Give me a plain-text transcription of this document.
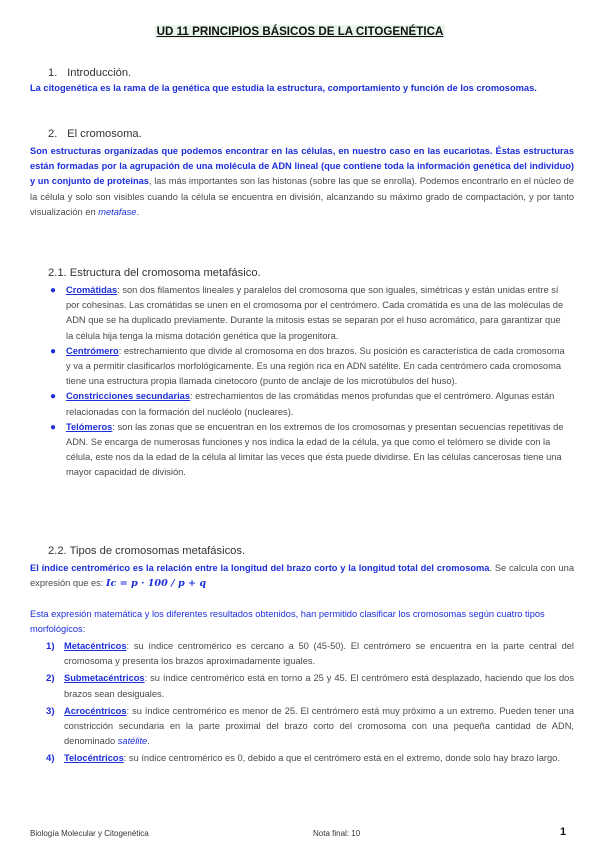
UD 11 PRINCIPIOS BÁSICOS DE LA CITOGENÉTICA
1. Introducción.
La citogenética es la rama de la genética que estudia la estructura, comportamiento y función de los cromosomas.
2. El cromosoma.
Son estructuras organizadas que podemos encontrar en las células, en nuestro caso en las eucariotas. Éstas estructuras están formadas por la agrupación de una molécula de ADN lineal (que contiene toda la información genética del individuo) y un conjunto de proteínas, las más importantes son las histonas (sobre las que se enrolla). Podemos encontrarlo en el núcleo de la célula y solo son visibles cuando la célula se encuentra en división, alcanzando su máximo grado de compactación, y por tanto visualización en metafase.
2.1. Estructura del cromosoma metafásico.
● Cromátidas: son dos filamentos lineales y paralelos del cromosoma que son iguales, simétricas y están unidas entre sí por cohesinas. Las cromátidas se unen en el cromosoma por el centrómero. Cada cromátida es una de las moléculas de ADN que se ha duplicado previamente. Durante la mitosis estas se separan por el huso acromático, para garantizar que la célula hija tenga la misma dotación genética que la progenitora.
● Centrómero: estrechamiento que divide al cromosoma en dos brazos. Su posición es característica de cada cromosoma y va a permitir clasificarlos morfológicamente. Es una región rica en ADN satélite. En cada centrómero cada cromosoma tiene una estructura propia llamada cinetocoro (punto de anclaje de los microtúbulos del huso).
● Constricciones secundarias: estrechamientos de las cromátidas menos profundas que el centrómero. Algunas están relacionadas con la formación del nucléolo (nucleares).
● Telómeros: son las zonas que se encuentran en los extremos de los cromosomas y presentan secuencias repetitivas de ADN. Se encarga de numerosas funciones y nos indica la edad de la célula, ya que como el telómero se divide con la célula, este nos da la edad de la célula al limitar las veces que ésta puede dividirse. En las células cancerosas tiene una mayor capacidad de división.
2.2. Tipos de cromosomas metafásicos.
El índice centromérico es la relación entre la longitud del brazo corto y la longitud total del cromosoma. Se calcula con una expresión que es: Ic = p · 100 / p + q
Esta expresión matemática y los diferentes resultados obtenidos, han permitido clasificar los cromosomas según cuatro tipos morfológicos:
1) Metacéntricos: su índice centromérico es cercano a 50 (45-50). El centrómero se encuentra en la parte central del cromosoma y presenta los brazos aproximadamente iguales.
2) Submetacéntricos: su índice centromérico está en torno a 25 y 45. El centrómero está desplazado, haciendo que los dos brazos sean desiguales.
3) Acrocéntricos: su índice centromérico es menor de 25. El centrómero está muy próximo a un extremo. Pueden tener una constricción secundaria en la parte proximal del brazo corto del cromosoma con una pequeña cantidad de ADN, denominado satélite.
4) Telocéntricos: su índice centromérico es 0, debido a que el centrómero está en el extremo, donde solo hay brazo largo.
Biología Molecular y Citogenética	Nota final: 10	1
